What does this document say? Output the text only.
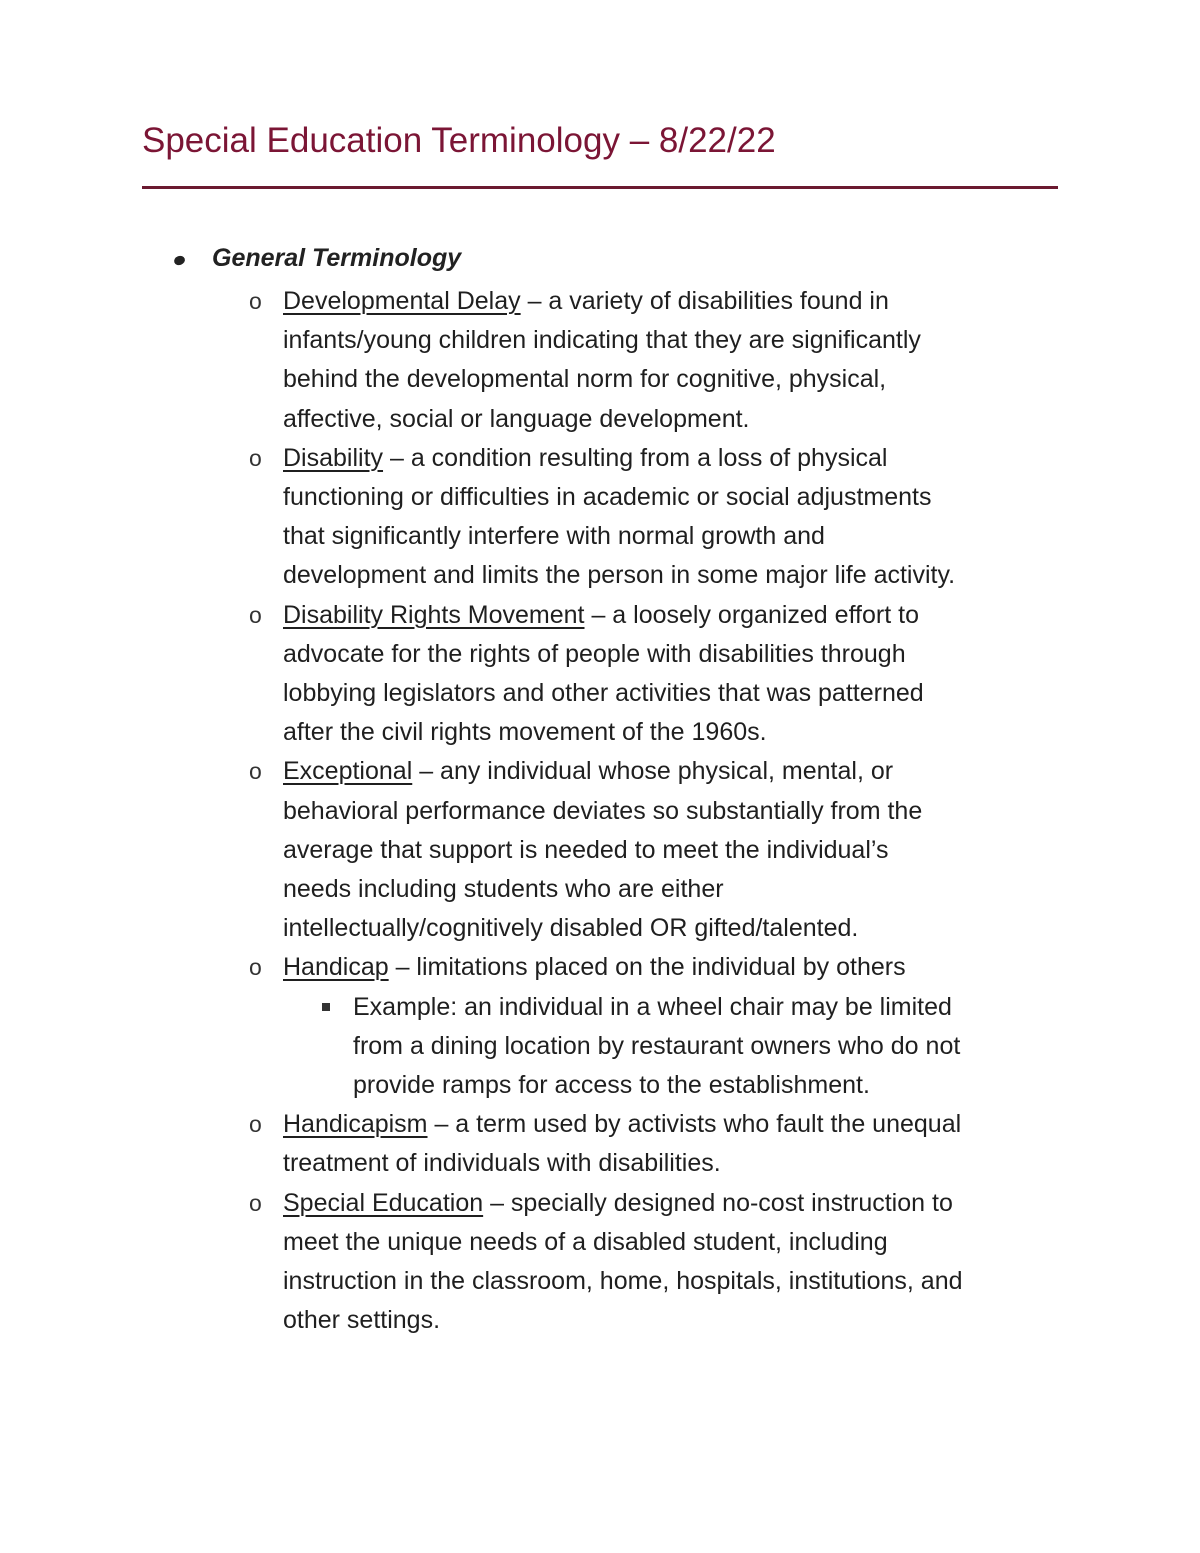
Special Education Terminology – 8/22/22
General Terminology
o Developmental Delay – a variety of disabilities found in infants/young children indicating that they are significantly behind the developmental norm for cognitive, physical, affective, social or language development.
o Disability – a condition resulting from a loss of physical functioning or difficulties in academic or social adjustments that significantly interfere with normal growth and development and limits the person in some major life activity.
o Disability Rights Movement – a loosely organized effort to advocate for the rights of people with disabilities through lobbying legislators and other activities that was patterned after the civil rights movement of the 1960s.
o Exceptional – any individual whose physical, mental, or behavioral performance deviates so substantially from the average that support is needed to meet the individual’s needs including students who are either intellectually/cognitively disabled OR gifted/talented.
o Handicap – limitations placed on the individual by others
Example: an individual in a wheel chair may be limited from a dining location by restaurant owners who do not provide ramps for access to the establishment.
o Handicapism – a term used by activists who fault the unequal treatment of individuals with disabilities.
o Special Education – specially designed no-cost instruction to meet the unique needs of a disabled student, including instruction in the classroom, home, hospitals, institutions, and other settings.
